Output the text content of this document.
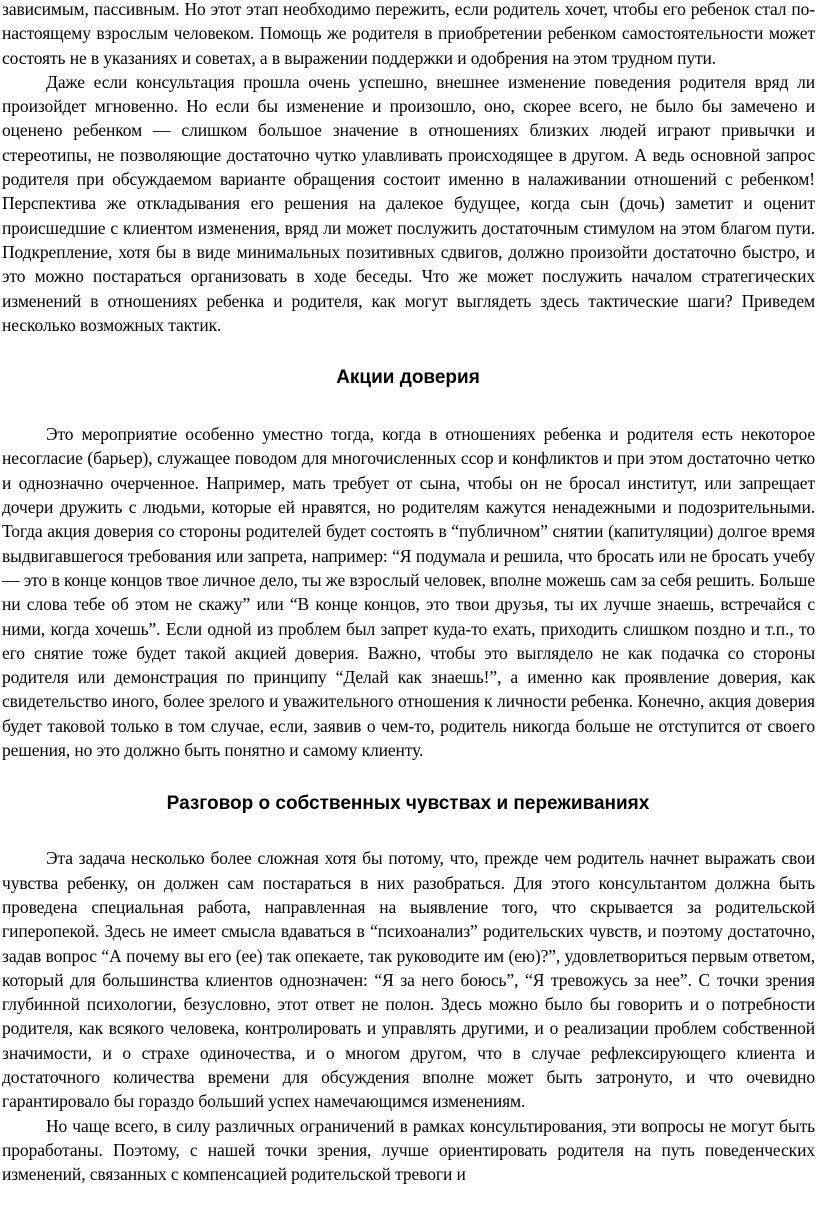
зависимым, пассивным. Но этот этап необходимо пережить, если родитель хочет, чтобы его ребенок стал по-настоящему взрослым человеком. Помощь же родителя в приобретении ребенком самостоятельности может состоять не в указаниях и советах, а в выражении поддержки и одобрения на этом трудном пути.

Даже если консультация прошла очень успешно, внешнее изменение поведения родителя вряд ли произойдет мгновенно. Но если бы изменение и произошло, оно, скорее всего, не было бы замечено и оценено ребенком — слишком большое значение в отношениях близких людей играют привычки и стереотипы, не позволяющие достаточно чутко улавливать происходящее в другом. А ведь основной запрос родителя при обсуждаемом варианте обращения состоит именно в налаживании отношений с ребенком! Перспектива же откладывания его решения на далекое будущее, когда сын (дочь) заметит и оценит происшедшие с клиентом изменения, вряд ли может послужить достаточным стимулом на этом благом пути. Подкрепление, хотя бы в виде минимальных позитивных сдвигов, должно произойти достаточно быстро, и это можно постараться организовать в ходе беседы. Что же может послужить началом стратегических изменений в отношениях ребенка и родителя, как могут выглядеть здесь тактические шаги? Приведем несколько возможных тактик.

Акции доверия

Это мероприятие особенно уместно тогда, когда в отношениях ребенка и родителя есть некоторое несогласие (барьер), служащее поводом для многочисленных ссор и конфликтов и при этом достаточно четко и однозначно очерченное. Например, мать требует от сына, чтобы он не бросал институт, или запрещает дочери дружить с людьми, которые ей нравятся, но родителям кажутся ненадежными и подозрительными. Тогда акция доверия со стороны родителей будет состоять в “публичном” снятии (капитуляции) долгое время выдвигавшегося требования или запрета, например: “Я подумала и решила, что бросать или не бросать учебу — это в конце концов твое личное дело, ты же взрослый человек, вполне можешь сам за себя решить. Больше ни слова тебе об этом не скажу” или “В конце концов, это твои друзья, ты их лучше знаешь, встречайся с ними, когда хочешь”. Если одной из проблем был запрет куда-то ехать, приходить слишком поздно и т.п., то его снятие тоже будет такой акцией доверия. Важно, чтобы это выглядело не как подачка со стороны родителя или демонстрация по принципу “Делай как знаешь!”, а именно как проявление доверия, как свидетельство иного, более зрелого и уважительного отношения к личности ребенка. Конечно, акция доверия будет таковой только в том случае, если, заявив о чем-то, родитель никогда больше не отступится от своего решения, но это должно быть понятно и самому клиенту.

Разговор о собственных чувствах и переживаниях

Эта задача несколько более сложная хотя бы потому, что, прежде чем родитель начнет выражать свои чувства ребенку, он должен сам постараться в них разобраться. Для этого консультантом должна быть проведена специальная работа, направленная на выявление того, что скрывается за родительской гиперопекой. Здесь не имеет смысла вдаваться в “психоанализ” родительских чувств, и поэтому достаточно, задав вопрос “А почему вы его (ее) так опекаете, так руководите им (ею)?”, удовлетвориться первым ответом, который для большинства клиентов однозначен: “Я за него боюсь”, “Я тревожусь за нее”. С точки зрения глубинной психологии, безусловно, этот ответ не полон. Здесь можно было бы говорить и о потребности родителя, как всякого человека, контролировать и управлять другими, и о реализации проблем собственной значимости, и о страхе одиночества, и о многом другом, что в случае рефлексирующего клиента и достаточного количества времени для обсуждения вполне может быть затронуто, и что очевидно гарантировало бы гораздо больший успех намечающимся изменениям.

Но чаще всего, в силу различных ограничений в рамках консультирования, эти вопросы не могут быть проработаны. Поэтому, с нашей точки зрения, лучше ориентировать родителя на путь поведенческих изменений, связанных с компенсацией родительской тревоги и
